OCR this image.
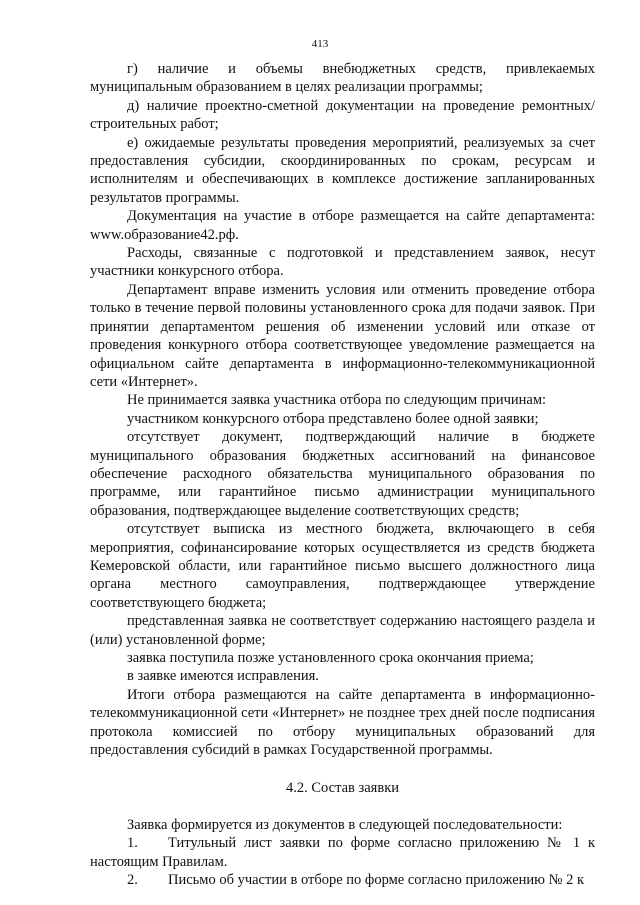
413

г) наличие и объемы внебюджетных средств, привлекаемых муниципальным образованием в целях реализации программы;

д) наличие проектно-сметной документации на проведение ремонтных/строительных работ;

е) ожидаемые результаты проведения мероприятий, реализуемых за счет предоставления субсидии, скоординированных по срокам, ресурсам и исполнителям и обеспечивающих в комплексе достижение запланированных результатов программы.

Документация на участие в отборе размещается на сайте департамента: www.образование42.рф.

Расходы, связанные с подготовкой и представлением заявок, несут участники конкурсного отбора.

Департамент вправе изменить условия или отменить проведение отбора только в течение первой половины установленного срока для подачи заявок. При принятии департаментом решения об изменении условий или отказе от проведения конкурного отбора соответствующее уведомление размещается на официальном сайте департамента в информационно-телекоммуникационной сети «Интернет».

Не принимается заявка участника отбора по следующим причинам:

участником конкурсного отбора представлено более одной заявки;

отсутствует документ, подтверждающий наличие в бюджете муниципального образования бюджетных ассигнований на финансовое обеспечение расходного обязательства муниципального образования по программе, или гарантийное письмо администрации муниципального образования, подтверждающее выделение соответствующих средств;

отсутствует выписка из местного бюджета, включающего в себя мероприятия, софинансирование которых осуществляется из средств бюджета Кемеровской области, или гарантийное письмо высшего должностного лица органа местного самоуправления, подтверждающее утверждение соответствующего бюджета;

представленная заявка не соответствует содержанию настоящего раздела и (или) установленной форме;

заявка поступила позже установленного срока окончания приема;

в заявке имеются исправления.

Итоги отбора размещаются на сайте департамента в информационно-телекоммуникационной сети «Интернет» не позднее трех дней после подписания протокола комиссией по отбору муниципальных образований для предоставления субсидий в рамках Государственной программы.

4.2. Состав заявки

Заявка формируется из документов в следующей последовательности:

1. Титульный лист заявки по форме согласно приложению № 1 к настоящим Правилам.

2. Письмо об участии в отборе по форме согласно приложению № 2 к
